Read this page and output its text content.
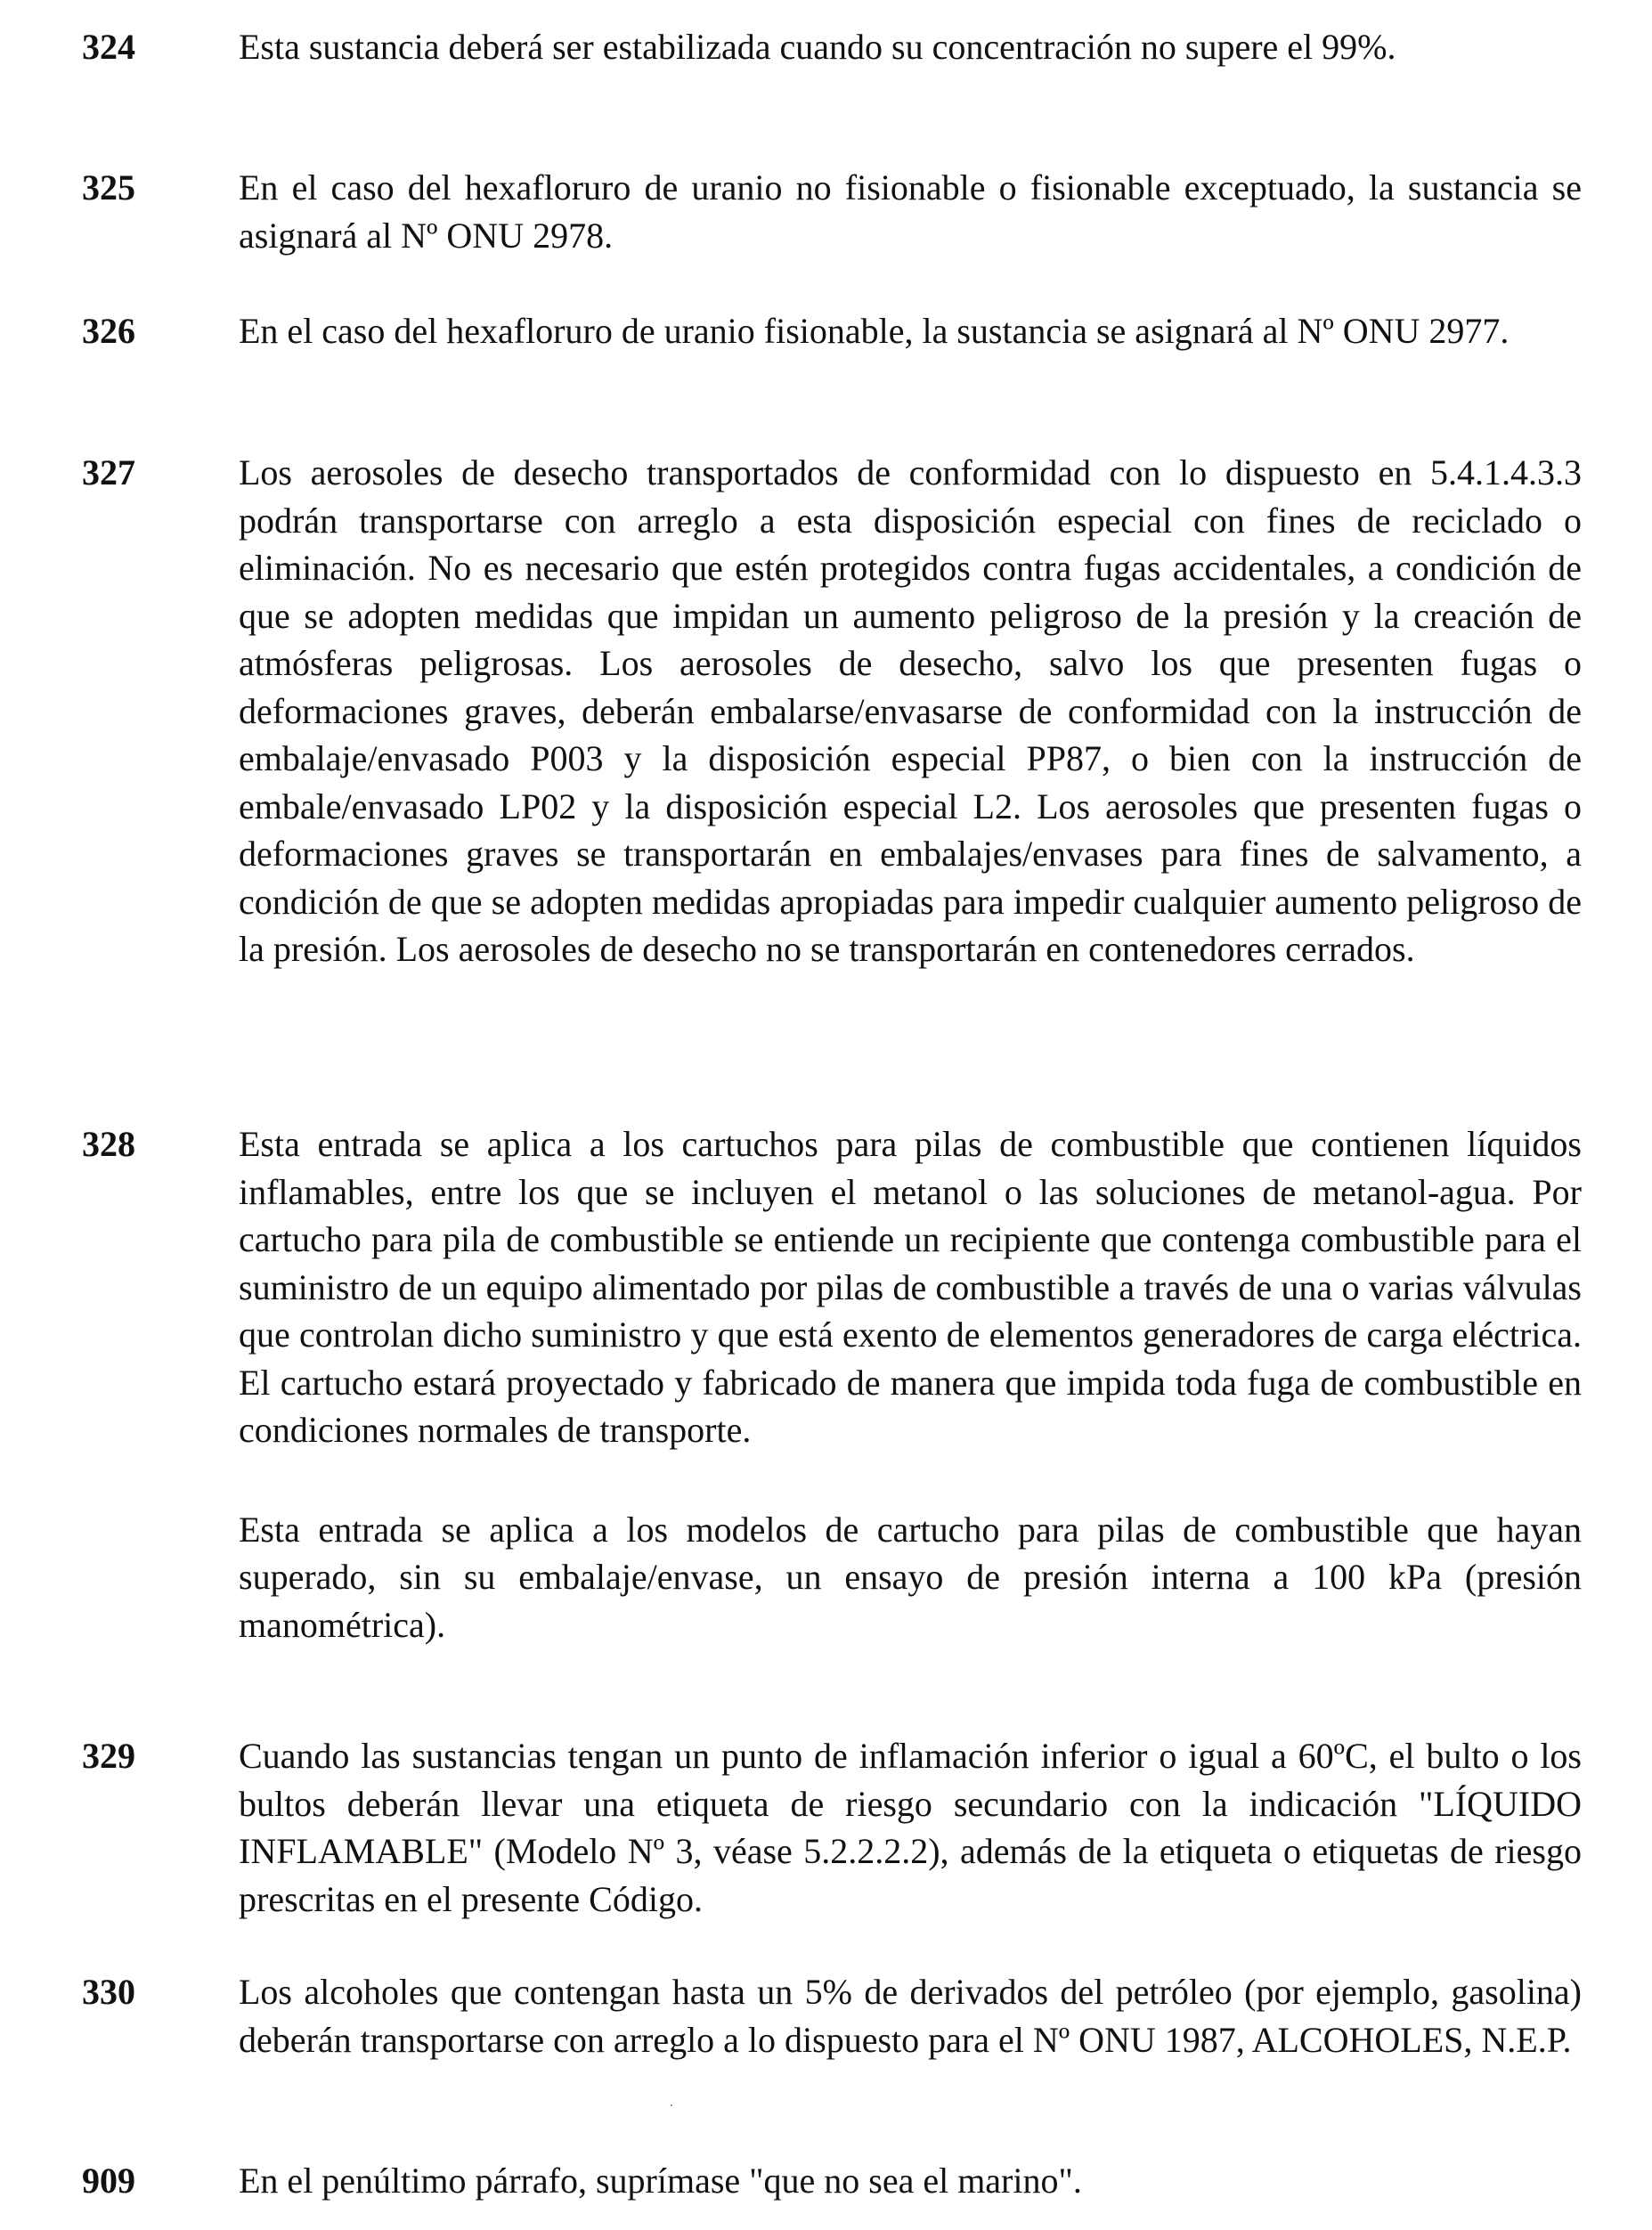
324	Esta sustancia deberá ser estabilizada cuando su concentración no supere el 99%.

325	En el caso del hexafloruro de uranio no fisionable o fisionable exceptuado, la sustancia se asignará al Nº ONU 2978.

326	En el caso del hexafloruro de uranio fisionable, la sustancia se asignará al Nº ONU 2977.

327	Los aerosoles de desecho transportados de conformidad con lo dispuesto en 5.4.1.4.3.3 podrán transportarse con arreglo a esta disposición especial con fines de reciclado o eliminación. No es necesario que estén protegidos contra fugas accidentales, a condición de que se adopten medidas que impidan un aumento peligroso de la presión y la creación de atmósferas peligrosas. Los aerosoles de desecho, salvo los que presenten fugas o deformaciones graves, deberán embalarse/envasarse de conformidad con la instrucción de embalaje/envasado P003 y la disposición especial PP87, o bien con la instrucción de embale/envasado LP02 y la disposición especial L2. Los aerosoles que presenten fugas o deformaciones graves se transportarán en embalajes/envases para fines de salvamento, a condición de que se adopten medidas apropiadas para impedir cualquier aumento peligroso de la presión. Los aerosoles de desecho no se transportarán en contenedores cerrados.

328	Esta entrada se aplica a los cartuchos para pilas de combustible que contienen líquidos inflamables, entre los que se incluyen el metanol o las soluciones de metanol-agua. Por cartucho para pila de combustible se entiende un recipiente que contenga combustible para el suministro de un equipo alimentado por pilas de combustible a través de una o varias válvulas que controlan dicho suministro y que está exento de elementos generadores de carga eléctrica. El cartucho estará proyectado y fabricado de manera que impida toda fuga de combustible en condiciones normales de transporte.

Esta entrada se aplica a los modelos de cartucho para pilas de combustible que hayan superado, sin su embalaje/envase, un ensayo de presión interna a 100 kPa (presión manométrica).

329	Cuando las sustancias tengan un punto de inflamación inferior o igual a 60ºC, el bulto o los bultos deberán llevar una etiqueta de riesgo secundario con la indicación "LÍQUIDO INFLAMABLE" (Modelo Nº 3, véase 5.2.2.2.2), además de la etiqueta o etiquetas de riesgo prescritas en el presente Código.

330	Los alcoholes que contengan hasta un 5% de derivados del petróleo (por ejemplo, gasolina) deberán transportarse con arreglo a lo dispuesto para el Nº ONU 1987, ALCOHOLES, N.E.P.

909	En el penúltimo párrafo, suprímase "que no sea el marino".
